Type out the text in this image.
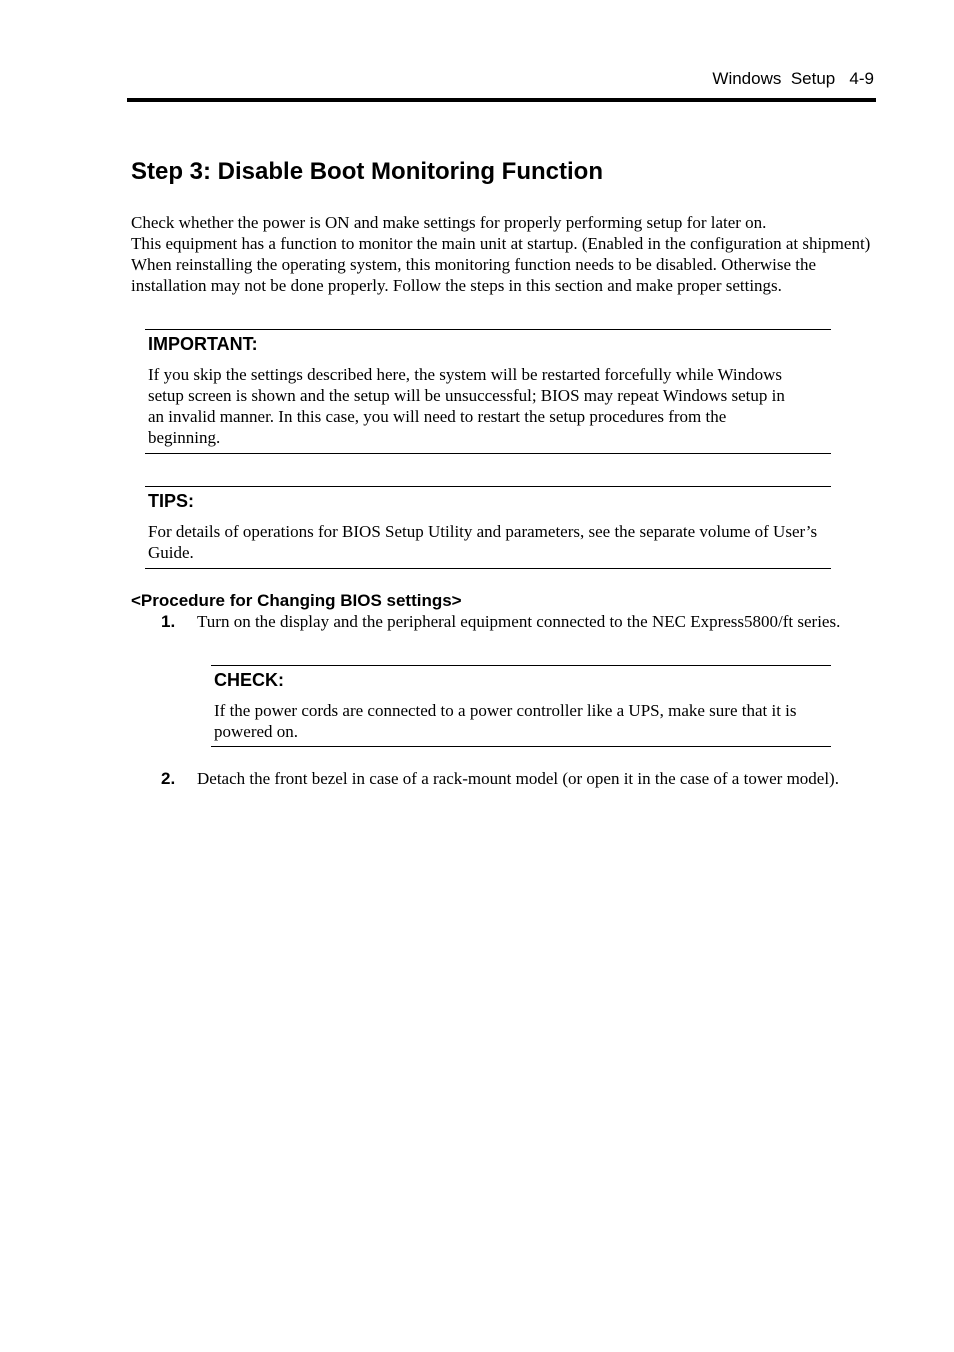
Windows  Setup 4-9
Step 3: Disable Boot Monitoring Function

Check whether the power is ON and make settings for properly performing setup for later on.

This equipment has a function to monitor the main unit at startup. (Enabled in the configuration at shipment)

When reinstalling the operating system, this monitoring function needs to be disabled. Otherwise the installation may not be done properly. Follow the steps in this section and make proper settings.

IMPORTANT:
If you skip the settings described here, the system will be restarted forcefully while Windows setup screen is shown and the setup will be unsuccessful; BIOS may repeat Windows setup in an invalid manner. In this case, you will need to restart the setup procedures from the beginning.
TIPS:
For details of operations for BIOS Setup Utility and parameters, see the separate volume of User’s Guide.
<Procedure for Changing BIOS settings>
1. Turn on the display and the peripheral equipment connected to the NEC Express5800/ft series.
CHECK:
If the power cords are connected to a power controller like a UPS, make sure that it is powered on.
2. Detach the front bezel in case of a rack-mount model (or open it in the case of a tower model).
